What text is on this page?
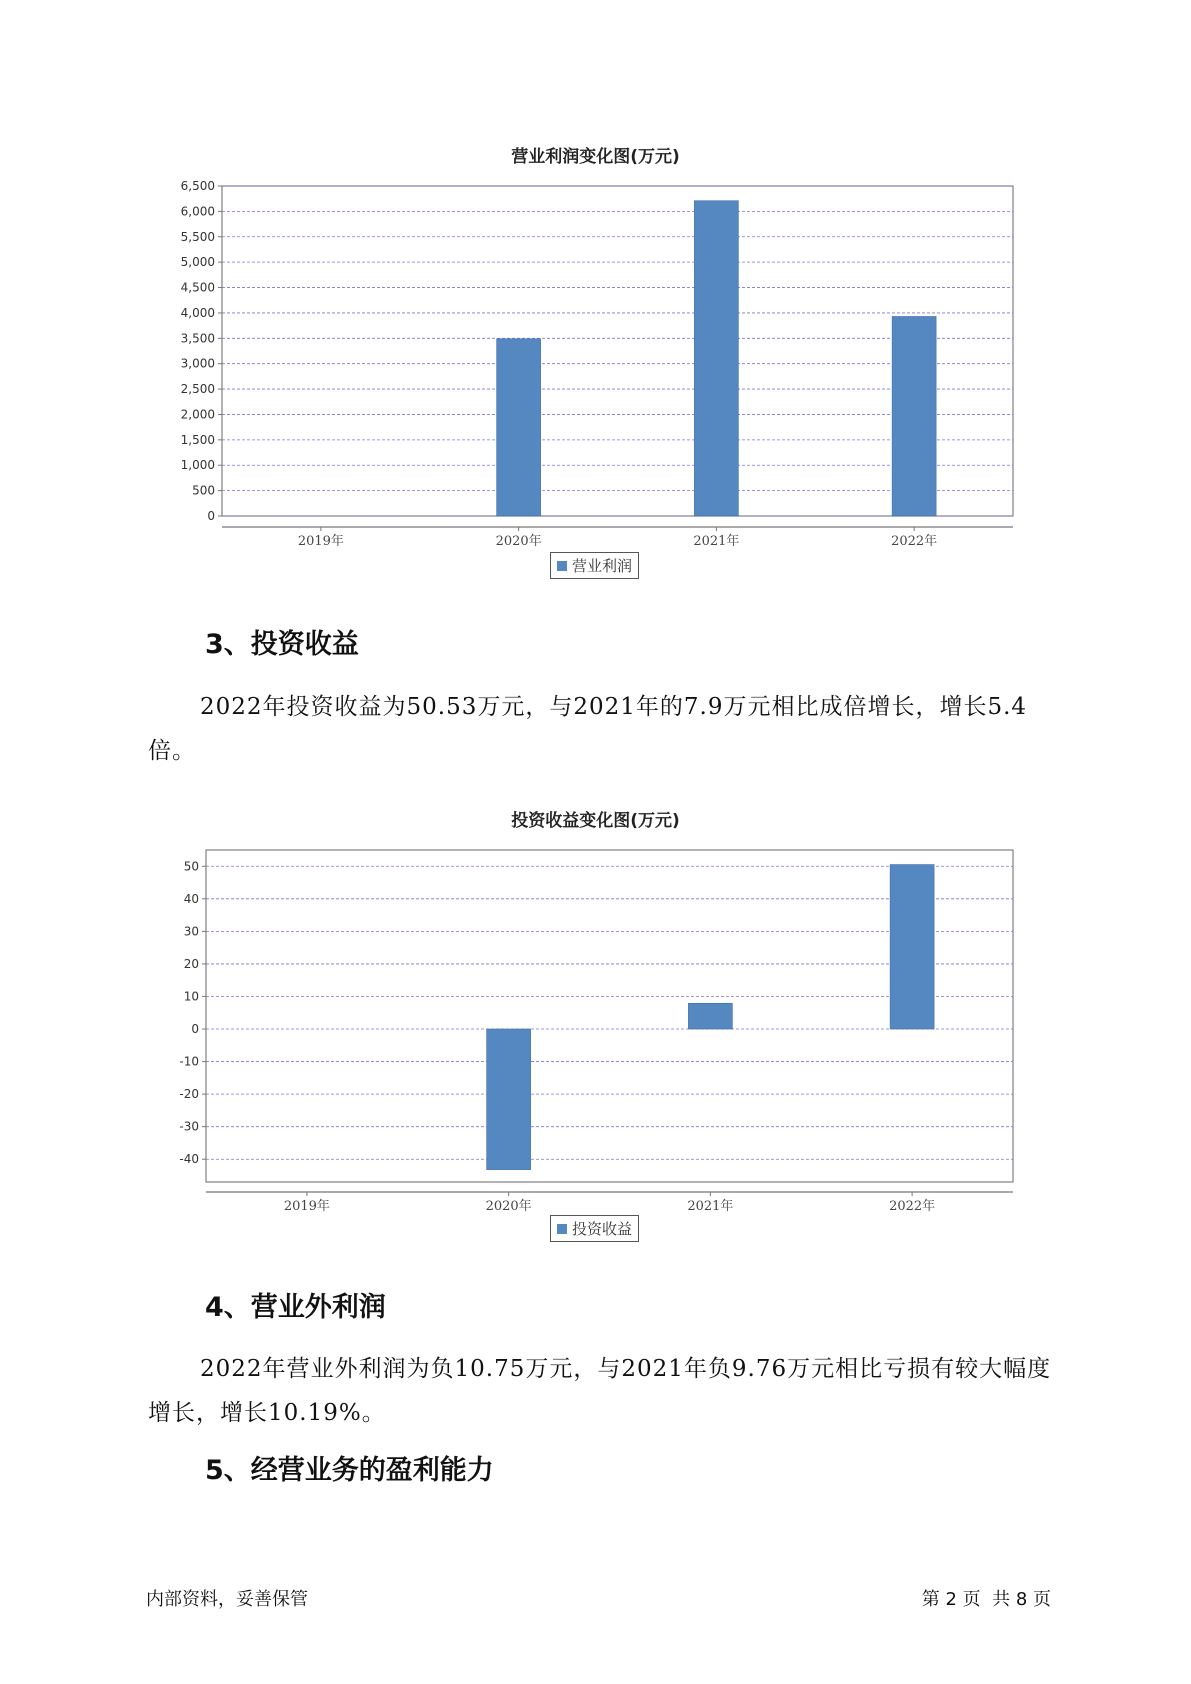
营业利润变化图(万元)
0
500
1,000
1,500
2,000
2,500
3,000
3,500
4,000
4,500
5,000
5,500
6,000
6,500
2019年	2020年	2021年	2022年
营业利润
3、投资收益

2022年投资收益为50.53万元，与2021年的7.9万元相比成倍增长，增长5.4倍。

投资收益变化图(万元)
-40
-30
-20
-10
0
10
20
30
40
50
2019年	2020年	2021年	2022年
投资收益
4、营业外利润

2022年营业外利润为负10.75万元，与2021年负9.76万元相比亏损有较大幅度增长，增长10.19%。

5、经营业务的盈利能力
内部资料，妥善保管	第 2 页  共 8 页
